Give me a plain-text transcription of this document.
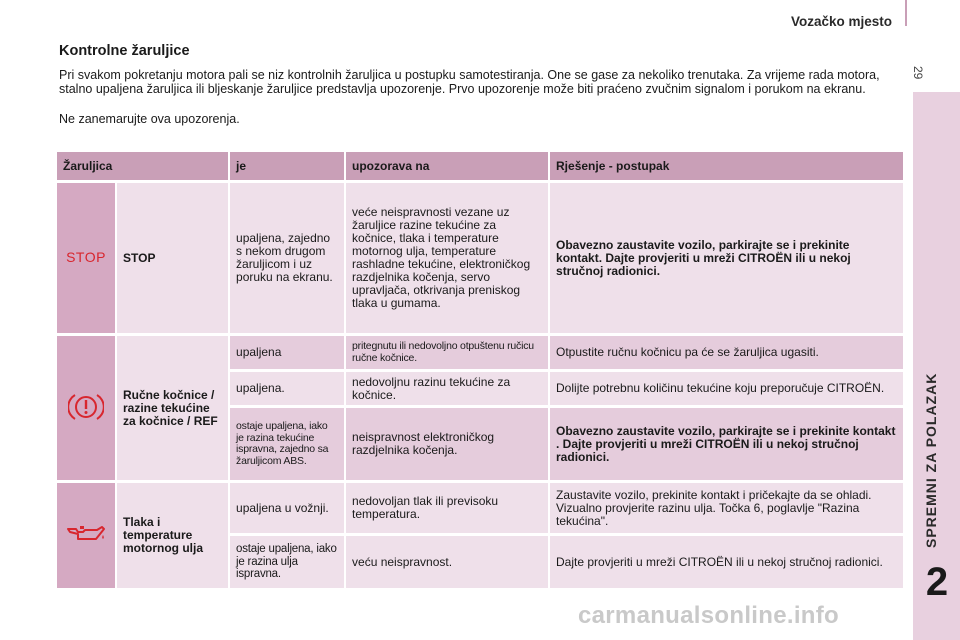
Vozačko mjesto
29
SPREMNI ZA POLAZAK
2
Kontrolne žaruljice
Pri svakom pokretanju motora pali se niz kontrolnih žaruljica u postupku samotestiranja. One se gase za nekoliko trenutaka. Za vrijeme rada motora, stalno upaljena žaruljica ili bljeskanje žaruljice predstavlja upozorenje. Prvo upozorenje može biti praćeno zvučnim signalom i porukom na ekranu.
Ne zanemarujte ova upozorenja.
Žaruljica		je	upozorava na	Rješenje - postupak
STOP	STOP	upaljena, zajedno s nekom drugom žaruljicom i uz poruku na ekranu.	veće neispravnosti vezane uz žaruljice razine tekućine za kočnice, tlaka i temperature motornog ulja, temperature rashladne tekućine, elektroničkog razdjelnika kočenja, servo upravljača, otkrivanja preniskog tlaka u gumama.	Obavezno zaustavite vozilo, parkirajte se i prekinite kontakt. Dajte provjeriti u mreži CITROËN ili u nekoj stručnoj radionici.
	Ručne kočnice / razine tekućine za kočnice / REF	upaljena	pritegnutu ili nedovoljno otpuštenu ručicu ručne kočnice.	Otpustite ručnu kočnicu pa će se žaruljica ugasiti.
		upaljena.	nedovoljnu razinu tekućine za kočnice.	Dolijte potrebnu količinu tekućine koju preporučuje CITROËN.
		ostaje upaljena, iako je razina tekućine ispravna, zajedno sa žaruljicom ABS.	neispravnost elektroničkog razdjelnika kočenja.	Obavezno zaustavite vozilo, parkirajte se i prekinite kontakt . Dajte provjeriti u mreži CITROËN ili u nekoj stručnoj radionici.
	Tlaka i temperature motornog ulja	upaljena u vožnji.	nedovoljan tlak ili previsoku temperatura.	Zaustavite vozilo, prekinite kontakt i pričekajte da se ohladi. Vizualno provjerite razinu ulja. Točka 6, poglavlje "Razina tekućina".
		ostaje upaljena, iako je razina ulja ispravna.	veću neispravnost.	Dajte provjeriti u mreži CITROËN ili u nekoj stručnoj radionici.
carmanualsonline.info
